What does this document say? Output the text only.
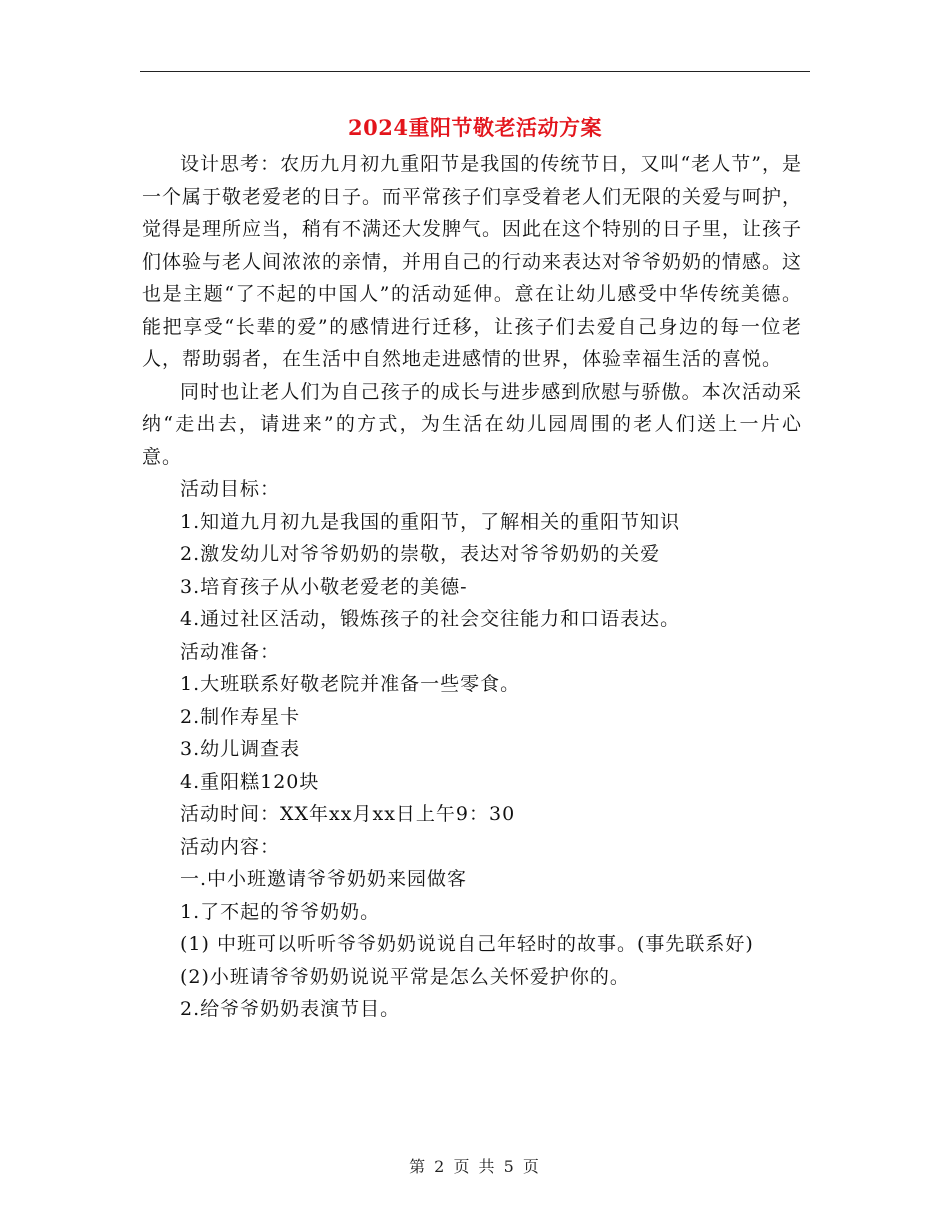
2024重阳节敬老活动方案

设计思考：农历九月初九重阳节是我国的传统节日，又叫“老人节”，是一个属于敬老爱老的日子。而平常孩子们享受着老人们无限的关爱与呵护，觉得是理所应当，稍有不满还大发脾气。因此在这个特别的日子里，让孩子们体验与老人间浓浓的亲情，并用自己的行动来表达对爷爷奶奶的情感。这也是主题“了不起的中国人”的活动延伸。意在让幼儿感受中华传统美德。能把享受“长辈的爱”的感情进行迁移，让孩子们去爱自己身边的每一位老人，帮助弱者，在生活中自然地走进感情的世界，体验幸福生活的喜悦。

同时也让老人们为自己孩子的成长与进步感到欣慰与骄傲。本次活动采纳“走出去，请进来”的方式，为生活在幼儿园周围的老人们送上一片心意。

活动目标：

1.知道九月初九是我国的重阳节，了解相关的重阳节知识

2.激发幼儿对爷爷奶奶的崇敬，表达对爷爷奶奶的关爱

3.培育孩子从小敬老爱老的美德-

4.通过社区活动，锻炼孩子的社会交往能力和口语表达。

活动准备：

1.大班联系好敬老院并准备一些零食。

2.制作寿星卡

3.幼儿调查表

4.重阳糕120块

活动时间：XX年xx月xx日上午9：30

活动内容：

一.中小班邀请爷爷奶奶来园做客

1.了不起的爷爷奶奶。

(1) 中班可以听听爷爷奶奶说说自己年轻时的故事。(事先联系好)

(2)小班请爷爷奶奶说说平常是怎么关怀爱护你的。

2.给爷爷奶奶表演节目。

第 2 页 共 5 页
